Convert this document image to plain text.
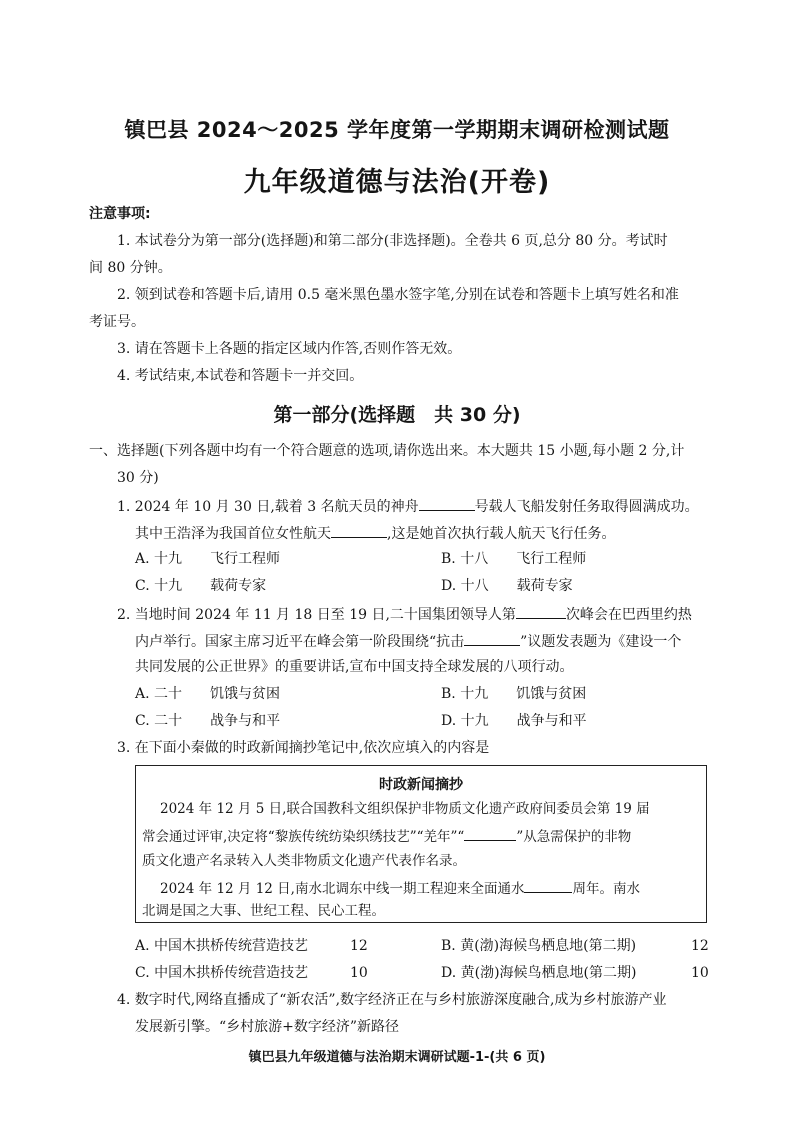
镇巴县 2024～2025 学年度第一学期期末调研检测试题
九年级道德与法治(开卷)
注意事项:
1. 本试卷分为第一部分(选择题)和第二部分(非选择题)。全卷共 6 页,总分 80 分。考试时
间 80 分钟。
2. 领到试卷和答题卡后,请用 0.5 毫米黑色墨水签字笔,分别在试卷和答题卡上填写姓名和准
考证号。
3. 请在答题卡上各题的指定区域内作答,否则作答无效。
4. 考试结束,本试卷和答题卡一并交回。
第一部分(选择题　共 30 分)
一、选择题(下列各题中均有一个符合题意的选项,请你选出来。本大题共 15 小题,每小题 2 分,计
30 分)
1. 2024 年 10 月 30 日,载着 3 名航天员的神舟	号载人飞船发射任务取得圆满成功。
其中王浩泽为我国首位女性航天	,这是她首次执行载人航天飞行任务。
A. 十九　　飞行工程师	B. 十八　　飞行工程师
C. 十九　　载荷专家	D. 十八　　载荷专家
2. 当地时间 2024 年 11 月 18 日至 19 日,二十国集团领导人第	次峰会在巴西里约热
内卢举行。国家主席习近平在峰会第一阶段围绕“抗击	”议题发表题为《建设一个
共同发展的公正世界》的重要讲话,宣布中国支持全球发展的八项行动。
A. 二十　　饥饿与贫困	B. 十九　　饥饿与贫困
C. 二十　　战争与和平	D. 十九　　战争与和平
3. 在下面小秦做的时政新闻摘抄笔记中,依次应填入的内容是
时政新闻摘抄
2024 年 12 月 5 日,联合国教科文组织保护非物质文化遗产政府间委员会第 19 届
常会通过评审,决定将“黎族传统纺染织绣技艺”“羌年”“	”从急需保护的非物
质文化遗产名录转入人类非物质文化遗产代表作名录。
2024 年 12 月 12 日,南水北调东中线一期工程迎来全面通水	周年。南水
北调是国之大事、世纪工程、民心工程。
A. 中国木拱桥传统营造技艺	12	B. 黄(渤)海候鸟栖息地(第二期)	12
C. 中国木拱桥传统营造技艺	10	D. 黄(渤)海候鸟栖息地(第二期)	10
4. 数字时代,网络直播成了“新农活”,数字经济正在与乡村旅游深度融合,成为乡村旅游产业
发展新引擎。“乡村旅游+数字经济”新路径
镇巴县九年级道德与法治期末调研试题-1-(共 6 页)
